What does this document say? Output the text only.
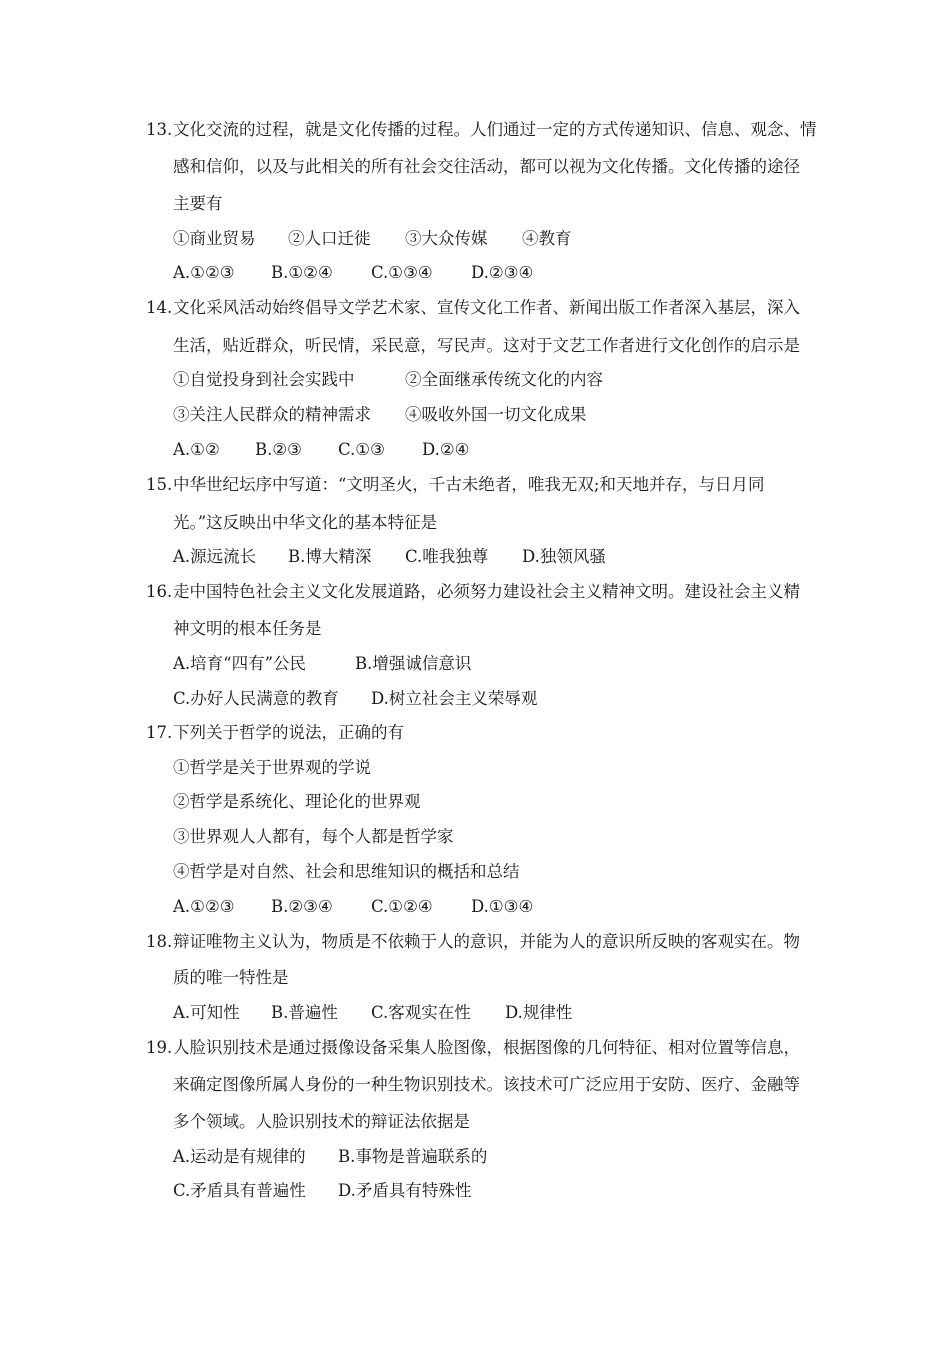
13. 文化交流的过程，就是文化传播的过程。人们通过一定的方式传递知识、信息、观念、情
感和信仰，以及与此相关的所有社会交往活动，都可以视为文化传播。文化传播的途径
主要有
①商业贸易 ②人口迁徙 ③大众传媒 ④教育
A.①②③ B.①②④ C.①③④ D.②③④
14. 文化采风活动始终倡导文学艺术家、宣传文化工作者、新闻出版工作者深入基层，深入
生活，贴近群众，听民情，采民意，写民声。这对于文艺工作者进行文化创作的启示是
①自觉投身到社会实践中	②全面继承传统文化的内容
③关注人民群众的精神需求 ④吸收外国一切文化成果
A.①② B.②③ C.①③ D.②④
15. 中华世纪坛序中写道：“文明圣火，千古未绝者，唯我无双;和天地并存，与日月同
光。”这反映出中华文化的基本特征是
A.源远流长 B.博大精深 C.唯我独尊 D.独领风骚
16. 走中国特色社会主义文化发展道路，必须努力建设社会主义精神文明。建设社会主义精
神文明的根本任务是
A.培育“四有”公民	B.增强诚信意识
C.办好人民满意的教育 D.树立社会主义荣辱观
17. 下列关于哲学的说法，正确的有
①哲学是关于世界观的学说
②哲学是系统化、理论化的世界观
③世界观人人都有，每个人都是哲学家
④哲学是对自然、社会和思维知识的概括和总结
A.①②③ B.②③④ C.①②④ D.①③④
18. 辩证唯物主义认为，物质是不依赖于人的意识，并能为人的意识所反映的客观实在。物
质的唯一特性是
A.可知性 B.普遍性 C.客观实在性 D.规律性
19. 人脸识别技术是通过摄像设备采集人脸图像，根据图像的几何特征、相对位置等信息，
来确定图像所属人身份的一种生物识别技术。该技术可广泛应用于安防、医疗、金融等
多个领域。人脸识别技术的辩证法依据是
A.运动是有规律的 B.事物是普遍联系的
C.矛盾具有普遍性 D.矛盾具有特殊性
